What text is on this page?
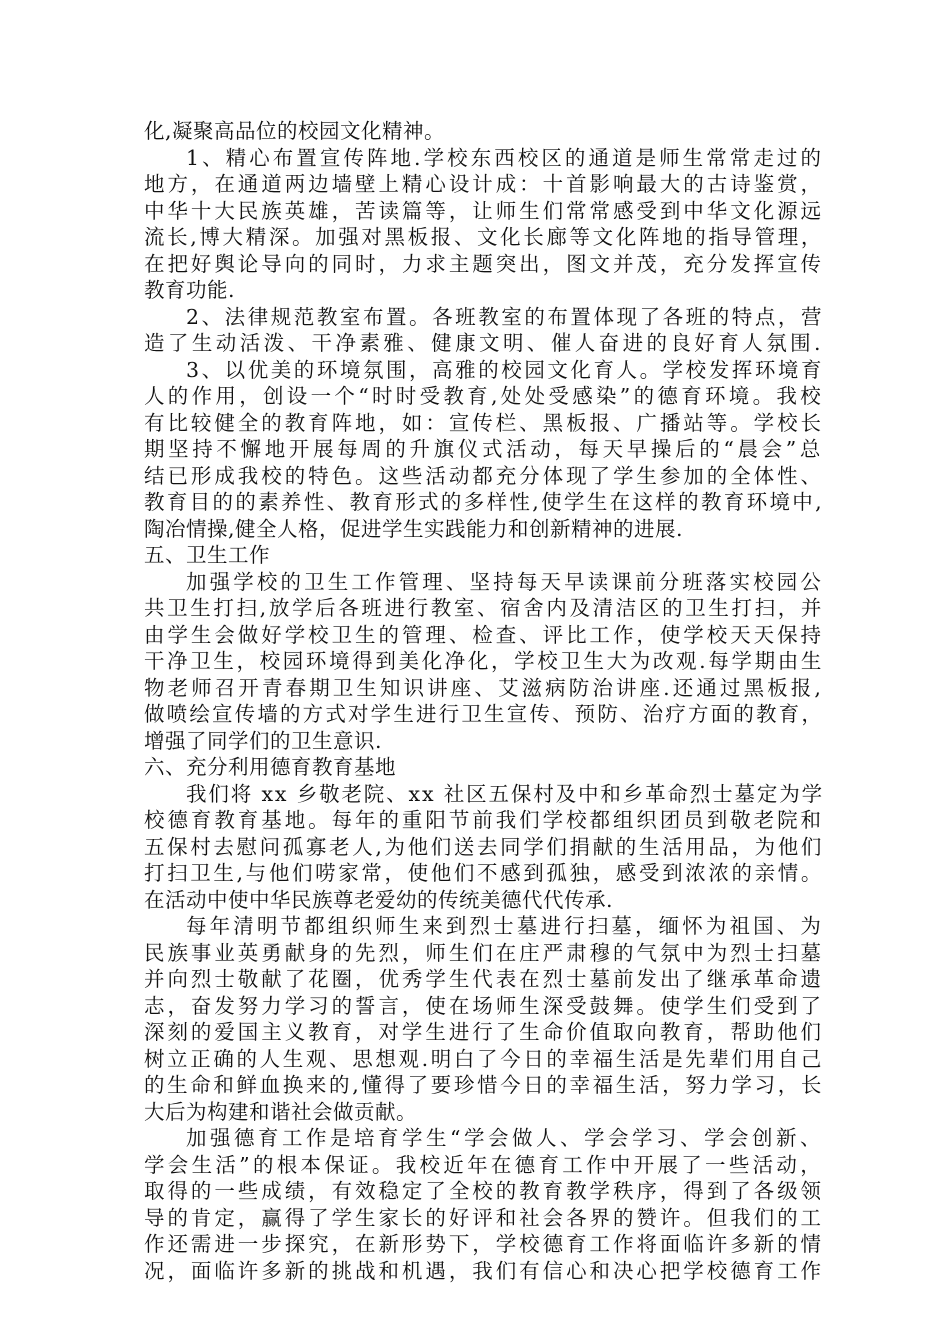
化,凝聚高品位的校园文化精神。
1、精心布置宣传阵地.学校东西校区的通道是师生常常走过的
地方，在通道两边墙壁上精心设计成：十首影响最大的古诗鉴赏，
中华十大民族英雄，苦读篇等，让师生们常常感受到中华文化源远
流长,博大精深。加强对黑板报、文化长廊等文化阵地的指导管理，
在把好舆论导向的同时，力求主题突出，图文并茂，充分发挥宣传
教育功能.
2、法律规范教室布置。各班教室的布置体现了各班的特点，营
造了生动活泼、干净素雅、健康文明、催人奋进的良好育人氛围.
3、以优美的环境氛围，高雅的校园文化育人。学校发挥环境育
人的作用，创设一个“时时受教育,处处受感染”的德育环境。我校
有比较健全的教育阵地，如：宣传栏、黑板报、广播站等。学校长
期坚持不懈地开展每周的升旗仪式活动，每天早操后的“晨会”总
结已形成我校的特色。这些活动都充分体现了学生参加的全体性、
教育目的的素养性、教育形式的多样性,使学生在这样的教育环境中,
陶冶情操,健全人格，促进学生实践能力和创新精神的进展.
五、卫生工作
加强学校的卫生工作管理、坚持每天早读课前分班落实校园公
共卫生打扫,放学后各班进行教室、宿舍内及清洁区的卫生打扫，并
由学生会做好学校卫生的管理、检查、评比工作，使学校天天保持
干净卫生，校园环境得到美化净化，学校卫生大为改观.每学期由生
物老师召开青春期卫生知识讲座、艾滋病防治讲座.还通过黑板报,
做喷绘宣传墙的方式对学生进行卫生宣传、预防、治疗方面的教育，
增强了同学们的卫生意识.
六、充分利用德育教育基地
我们将 xx 乡敬老院、xx 社区五保村及中和乡革命烈士墓定为学
校德育教育基地。每年的重阳节前我们学校都组织团员到敬老院和
五保村去慰问孤寡老人,为他们送去同学们捐献的生活用品，为他们
打扫卫生,与他们唠家常，使他们不感到孤独，感受到浓浓的亲情。
在活动中使中华民族尊老爱幼的传统美德代代传承.
每年清明节都组织师生来到烈士墓进行扫墓，缅怀为祖国、为
民族事业英勇献身的先烈，师生们在庄严肃穆的气氛中为烈士扫墓
并向烈士敬献了花圈，优秀学生代表在烈士墓前发出了继承革命遗
志，奋发努力学习的誓言，使在场师生深受鼓舞。使学生们受到了
深刻的爱国主义教育，对学生进行了生命价值取向教育，帮助他们
树立正确的人生观、思想观.明白了今日的幸福生活是先辈们用自己
的生命和鲜血换来的,懂得了要珍惜今日的幸福生活，努力学习，长
大后为构建和谐社会做贡献。
加强德育工作是培育学生“学会做人、学会学习、学会创新、
学会生活”的根本保证。我校近年在德育工作中开展了一些活动，
取得的一些成绩，有效稳定了全校的教育教学秩序，得到了各级领
导的肯定，赢得了学生家长的好评和社会各界的赞许。但我们的工
作还需进一步探究，在新形势下，学校德育工作将面临许多新的情
况，面临许多新的挑战和机遇，我们有信心和决心把学校德育工作
